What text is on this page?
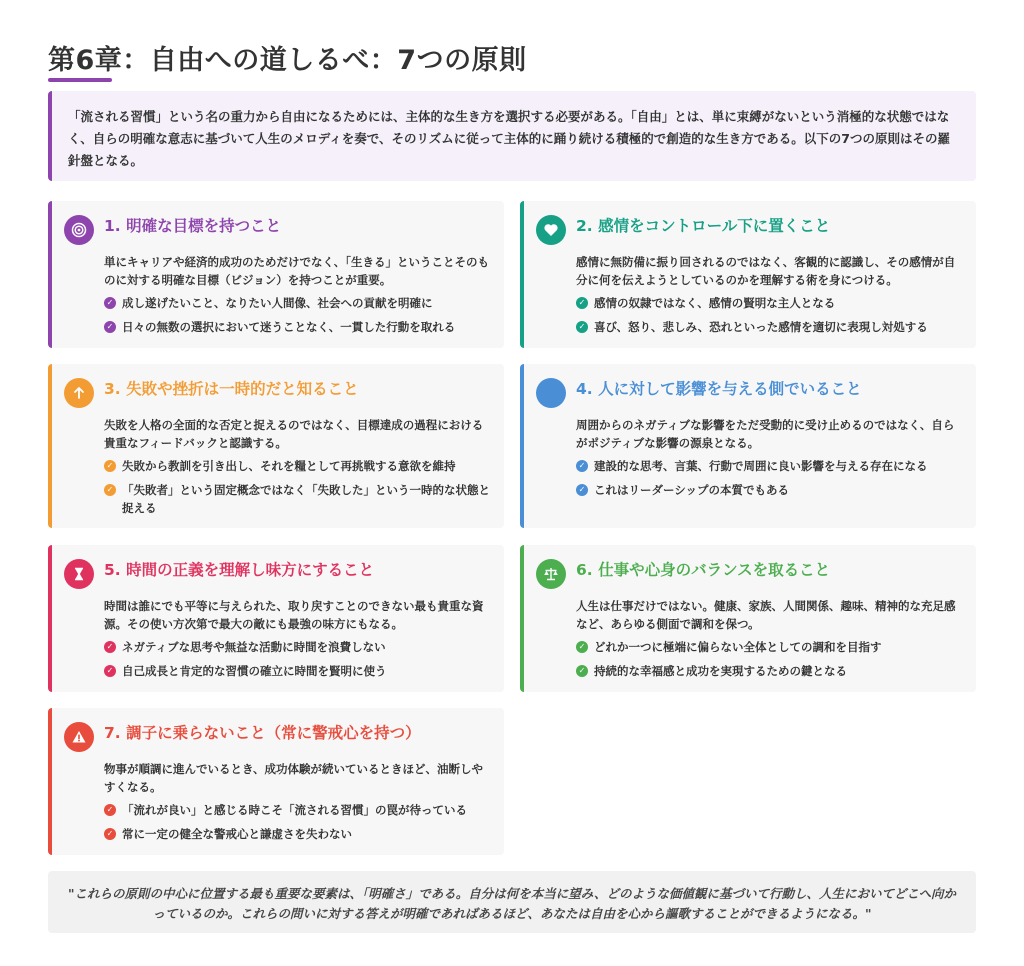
第6章：自由への道しるべ：7つの原則
「流される習慣」という名の重力から自由になるためには、主体的な生き方を選択する必要がある。「自由」とは、単に束縛がないという消極的な状態ではなく、自らの明確な意志に基づいて人生のメロディを奏で、そのリズムに従って主体的に踊り続ける積極的で創造的な生き方である。以下の7つの原則はその羅針盤となる。
1. 明確な目標を持つこと
単にキャリアや経済的成功のためだけでなく、「生きる」ということそのものに対する明確な目標（ビジョン）を持つことが重要。
✓ 成し遂げたいこと、なりたい人間像、社会への貢献を明確に
✓ 日々の無数の選択において迷うことなく、一貫した行動を取れる
2. 感情をコントロール下に置くこと
感情に無防備に振り回されるのではなく、客観的に認識し、その感情が自分に何を伝えようとしているのかを理解する術を身につける。
✓ 感情の奴隷ではなく、感情の賢明な主人となる
✓ 喜び、怒り、悲しみ、恐れといった感情を適切に表現し対処する
3. 失敗や挫折は一時的だと知ること
失敗を人格の全面的な否定と捉えるのではなく、目標達成の過程における貴重なフィードバックと認識する。
✓ 失敗から教訓を引き出し、それを糧として再挑戦する意欲を維持
✓ 「失敗者」という固定概念ではなく「失敗した」という一時的な状態と捉える
4. 人に対して影響を与える側でいること
周囲からのネガティブな影響をただ受動的に受け止めるのではなく、自らがポジティブな影響の源泉となる。
✓ 建設的な思考、言葉、行動で周囲に良い影響を与える存在になる
✓ これはリーダーシップの本質でもある
5. 時間の正義を理解し味方にすること
時間は誰にでも平等に与えられた、取り戻すことのできない最も貴重な資源。その使い方次第で最大の敵にも最強の味方にもなる。
✓ ネガティブな思考や無益な活動に時間を浪費しない
✓ 自己成長と肯定的な習慣の確立に時間を賢明に使う
6. 仕事や心身のバランスを取ること
人生は仕事だけではない。健康、家族、人間関係、趣味、精神的な充足感など、あらゆる側面で調和を保つ。
✓ どれか一つに極端に偏らない全体としての調和を目指す
✓ 持続的な幸福感と成功を実現するための鍵となる
7. 調子に乗らないこと（常に警戒心を持つ）
物事が順調に進んでいるとき、成功体験が続いているときほど、油断しやすくなる。
✓ 「流れが良い」と感じる時こそ「流される習慣」の罠が待っている
✓ 常に一定の健全な警戒心と謙虚さを失わない
"これらの原則の中心に位置する最も重要な要素は、「明確さ」である。自分は何を本当に望み、どのような価値観に基づいて行動し、人生においてどこへ向かっているのか。これらの問いに対する答えが明確であればあるほど、あなたは自由を心から謳歌することができるようになる。"
